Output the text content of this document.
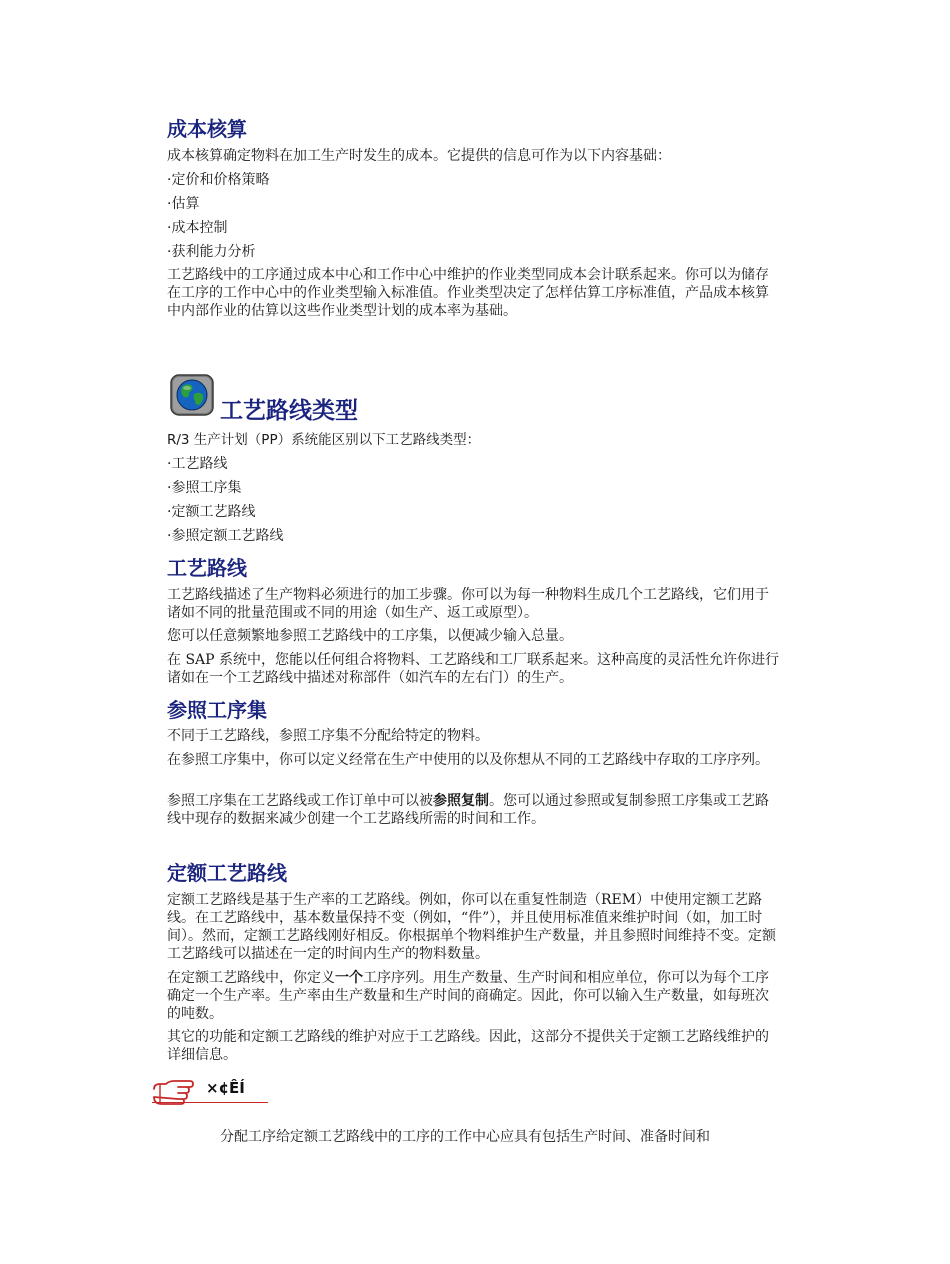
成本核算

成本核算确定物料在加工生产时发生的成本。它提供的信息可作为以下内容基础：

·定价和价格策略

·估算

·成本控制

·获利能力分析

工艺路线中的工序通过成本中心和工作中心中维护的作业类型同成本会计联系起来。你可以为储存在工序的工作中心中的作业类型输入标准值。作业类型决定了怎样估算工序标准值，产品成本核算中内部作业的估算以这些作业类型计划的成本率为基础。

工艺路线类型

R/3 生产计划（PP）系统能区别以下工艺路线类型：

·工艺路线

·参照工序集

·定额工艺路线

·参照定额工艺路线

工艺路线

工艺路线描述了生产物料必须进行的加工步骤。你可以为每一种物料生成几个工艺路线，它们用于诸如不同的批量范围或不同的用途（如生产、返工或原型）。

您可以任意频繁地参照工艺路线中的工序集，以便减少输入总量。

在 SAP 系统中，您能以任何组合将物料、工艺路线和工厂联系起来。这种高度的灵活性允许你进行诸如在一个工艺路线中描述对称部件（如汽车的左右门）的生产。

参照工序集

不同于工艺路线，参照工序集不分配给特定的物料。

在参照工序集中，你可以定义经常在生产中使用的以及你想从不同的工艺路线中存取的工序序列。

参照工序集在工艺路线或工作订单中可以被参照复制。您可以通过参照或复制参照工序集或工艺路线中现存的数据来减少创建一个工艺路线所需的时间和工作。

定额工艺路线

定额工艺路线是基于生产率的工艺路线。例如，你可以在重复性制造（REM）中使用定额工艺路线。在工艺路线中，基本数量保持不变（例如，“件”），并且使用标准值来维护时间（如，加工时间）。然而，定额工艺路线刚好相反。你根据单个物料维护生产数量，并且参照时间维持不变。定额工艺路线可以描述在一定的时间内生产的物料数量。

在定额工艺路线中，你定义一个工序序列。用生产数量、生产时间和相应单位，你可以为每个工序确定一个生产率。生产率由生产数量和生产时间的商确定。因此，你可以输入生产数量，如每班次的吨数。

其它的功能和定额工艺路线的维护对应于工艺路线。因此，这部分不提供关于定额工艺路线维护的详细信息。

×¢ÊÍ

分配工序给定额工艺路线中的工序的工作中心应具有包括生产时间、准备时间和
